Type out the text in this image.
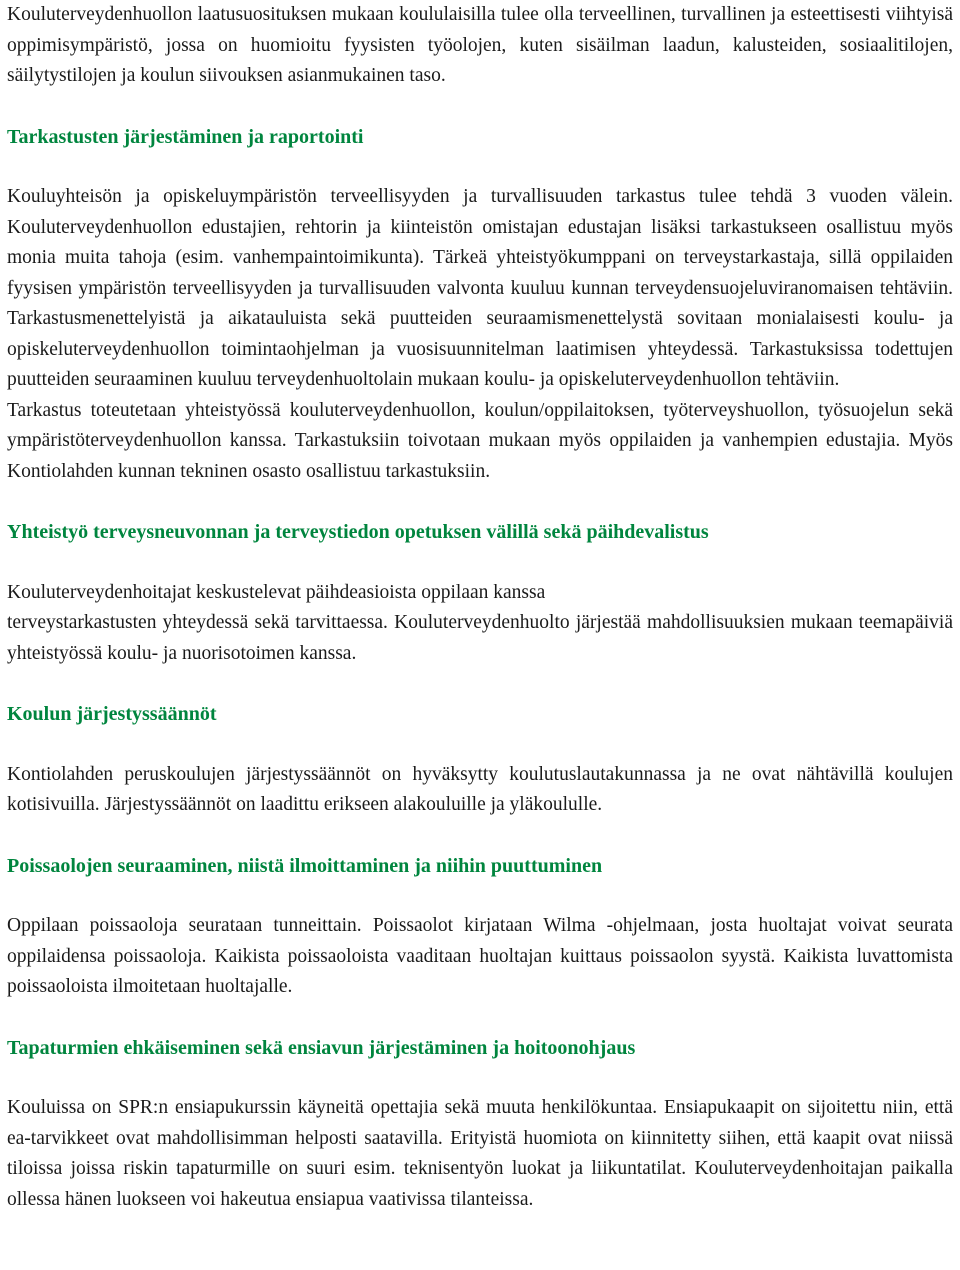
Kouluterveydenhuollon laatusuosituksen mukaan koululaisilla tulee olla terveellinen, turvallinen ja esteettisesti viihtyisä oppimisympäristö, jossa on huomioitu fyysisten työolojen, kuten sisäilman laadun, kalusteiden, sosiaalitilojen, säilytystilojen ja koulun siivouksen asianmukainen taso.

Tarkastusten järjestäminen ja raportointi

Kouluyhteisön ja opiskeluympäristön terveellisyyden ja turvallisuuden tarkastus tulee tehdä 3 vuoden välein. Kouluterveydenhuollon edustajien, rehtorin ja kiinteistön omistajan edustajan lisäksi tarkastukseen osallistuu myös monia muita tahoja (esim. vanhempaintoimikunta). Tärkeä yhteistyökumppani on terveystarkastaja, sillä oppilaiden fyysisen ympäristön terveellisyyden ja turvallisuuden valvonta kuuluu kunnan terveydensuojeluviranomaisen tehtäviin. Tarkastusmenettelyistä ja aikatauluista sekä puutteiden seuraamismenettelystä sovitaan monialaisesti koulu- ja opiskeluterveydenhuollon toimintaohjelman ja vuosisuunnitelman laatimisen yhteydessä. Tarkastuksissa todettujen puutteiden seuraaminen kuuluu terveydenhuoltolain mukaan koulu- ja opiskeluterveydenhuollon tehtäviin.

Tarkastus toteutetaan yhteistyössä kouluterveydenhuollon, koulun/oppilaitoksen, työterveyshuollon, työsuojelun sekä ympäristöterveydenhuollon kanssa. Tarkastuksiin toivotaan mukaan myös oppilaiden ja vanhempien edustajia. Myös Kontiolahden kunnan tekninen osasto osallistuu tarkastuksiin.

Yhteistyö terveysneuvonnan ja terveystiedon opetuksen välillä sekä päihdevalistus

Kouluterveydenhoitajat keskustelevat päihdeasioista oppilaan kanssa

terveystarkastusten yhteydessä sekä tarvittaessa. Kouluterveydenhuolto järjestää mahdollisuuksien mukaan teemapäiviä yhteistyössä koulu- ja nuorisotoimen kanssa.

Koulun järjestyssäännöt

Kontiolahden peruskoulujen järjestyssäännöt on hyväksytty koulutuslautakunnassa ja ne ovat nähtävillä koulujen kotisivuilla. Järjestyssäännöt on laadittu erikseen alakouluille ja yläkoululle.

Poissaolojen seuraaminen, niistä ilmoittaminen ja niihin puuttuminen

Oppilaan poissaoloja seurataan tunneittain. Poissaolot kirjataan Wilma -ohjelmaan, josta huoltajat voivat seurata oppilaidensa poissaoloja. Kaikista poissaoloista vaaditaan huoltajan kuittaus poissaolon syystä. Kaikista luvattomista poissaoloista ilmoitetaan huoltajalle.

Tapaturmien ehkäiseminen sekä ensiavun järjestäminen ja hoitoonohjaus

Kouluissa on SPR:n ensiapukurssin käyneitä opettajia sekä muuta henkilökuntaa. Ensiapukaapit on sijoitettu niin, että ea-tarvikkeet ovat mahdollisimman helposti saatavilla. Erityistä huomiota on kiinnitetty siihen, että kaapit ovat niissä tiloissa joissa riskin tapaturmille on suuri esim. teknisentyön luokat ja liikuntatilat. Kouluterveydenhoitajan paikalla ollessa hänen luokseen voi hakeutua ensiapua vaativissa tilanteissa.
